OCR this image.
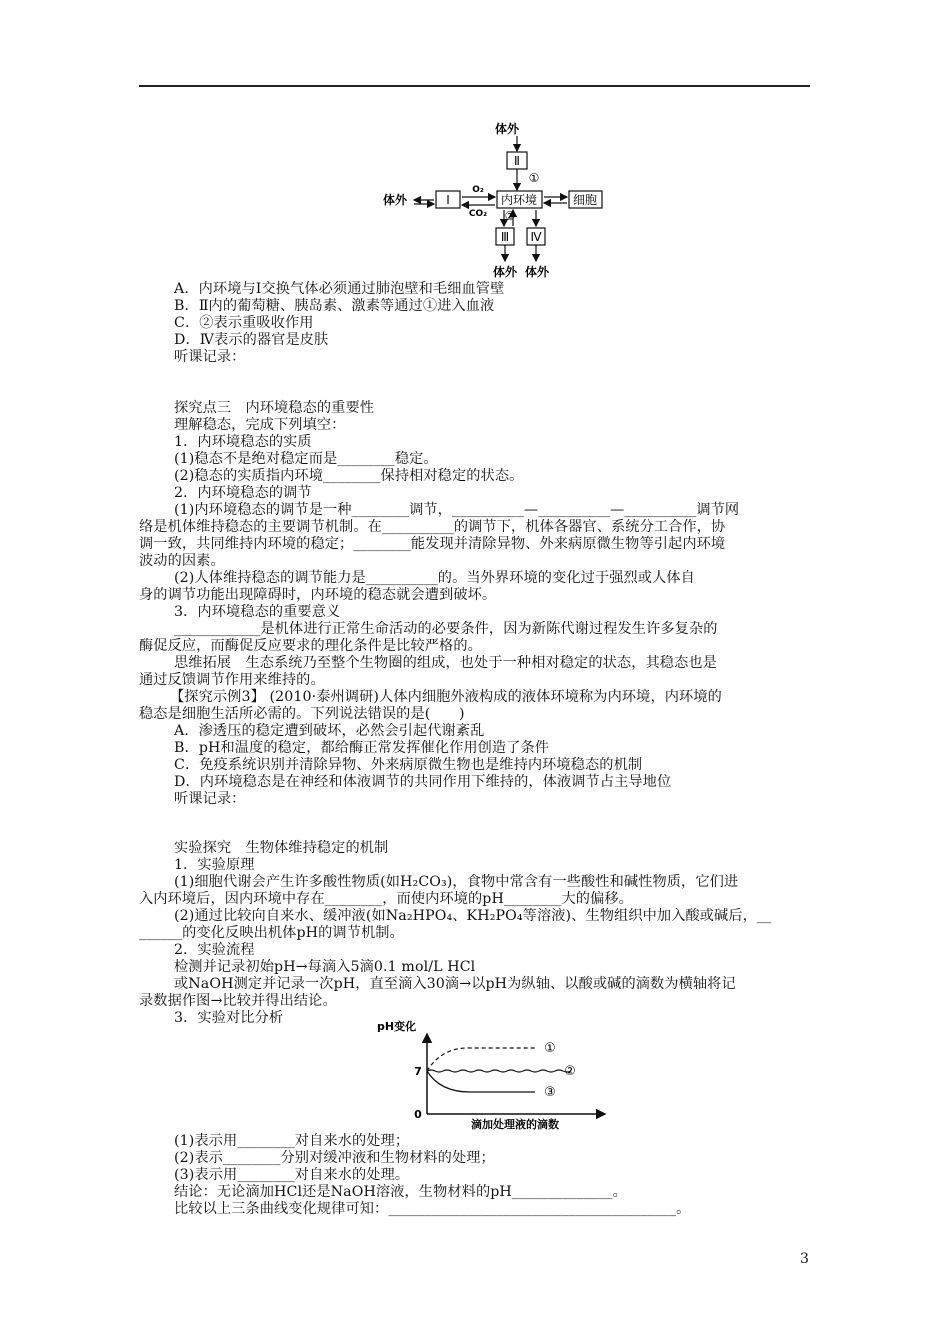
体外
Ⅱ
①
体外	Ⅰ
O₂
CO₂
内环境	细胞
②
Ⅲ Ⅳ
体外 体外
A．内环境与Ⅰ交换气体必须通过肺泡壁和毛细血管壁
B．Ⅱ内的葡萄糖、胰岛素、激素等通过①进入血液
C．②表示重吸收作用
D．Ⅳ表示的器官是皮肤
听课记录：
探究点三　内环境稳态的重要性
理解稳态，完成下列填空：
1．内环境稳态的实质
(1)稳态不是绝对稳定而是________稳定。
(2)稳态的实质指内环境________保持相对稳定的状态。
2．内环境稳态的调节
(1)内环境稳态的调节是一种________调节，__________—__________—__________调节网
络是机体维持稳态的主要调节机制。在__________的调节下，机体各器官、系统分工合作，协
调一致，共同维持内环境的稳定；________能发现并清除异物、外来病原微生物等引起内环境
波动的因素。
(2)人体维持稳态的调节能力是__________的。当外界环境的变化过于强烈或人体自
身的调节功能出现障碍时，内环境的稳态就会遭到破坏。
3．内环境稳态的重要意义
____________是机体进行正常生命活动的必要条件，因为新陈代谢过程发生许多复杂的
酶促反应，而酶促反应要求的理化条件是比较严格的。
思维拓展　生态系统乃至整个生物圈的组成，也处于一种相对稳定的状态，其稳态也是
通过反馈调节作用来维持的。
【探究示例3】 (2010·泰州调研)人体内细胞外液构成的液体环境称为内环境，内环境的
稳态是细胞生活所必需的。下列说法错误的是(　　)
A．渗透压的稳定遭到破坏，必然会引起代谢紊乱
B．pH和温度的稳定，都给酶正常发挥催化作用创造了条件
C．免疫系统识别并清除异物、外来病原微生物也是维持内环境稳态的机制
D．内环境稳态是在神经和体液调节的共同作用下维持的，体液调节占主导地位
听课记录：
实验探究　生物体维持稳定的机制
1．实验原理
(1)细胞代谢会产生许多酸性物质(如H₂CO₃)，食物中常含有一些酸性和碱性物质，它们进
入内环境后，因内环境中存在________，而使内环境的pH________大的偏移。
(2)通过比较向自来水、缓冲液(如Na₂HPO₄、KH₂PO₄等溶液)、生物组织中加入酸或碱后，__
______的变化反映出机体pH的调节机制。
2．实验流程
检测并记录初始pH→每滴入5滴0.1 mol/L HCl
或NaOH测定并记录一次pH，直至滴入30滴→以pH为纵轴、以酸或碱的滴数为横轴将记
录数据作图→比较并得出结论。
3．实验对比分析
pH变化
0
7
①
②
③
滴加处理液的滴数
(1)表示用________对自来水的处理；
(2)表示________分别对缓冲液和生物材料的处理；
(3)表示用________对自来水的处理。
结论：无论滴加HCl还是NaOH溶液，生物材料的pH______________。
比较以上三条曲线变化规律可知：________________________________________。
3
